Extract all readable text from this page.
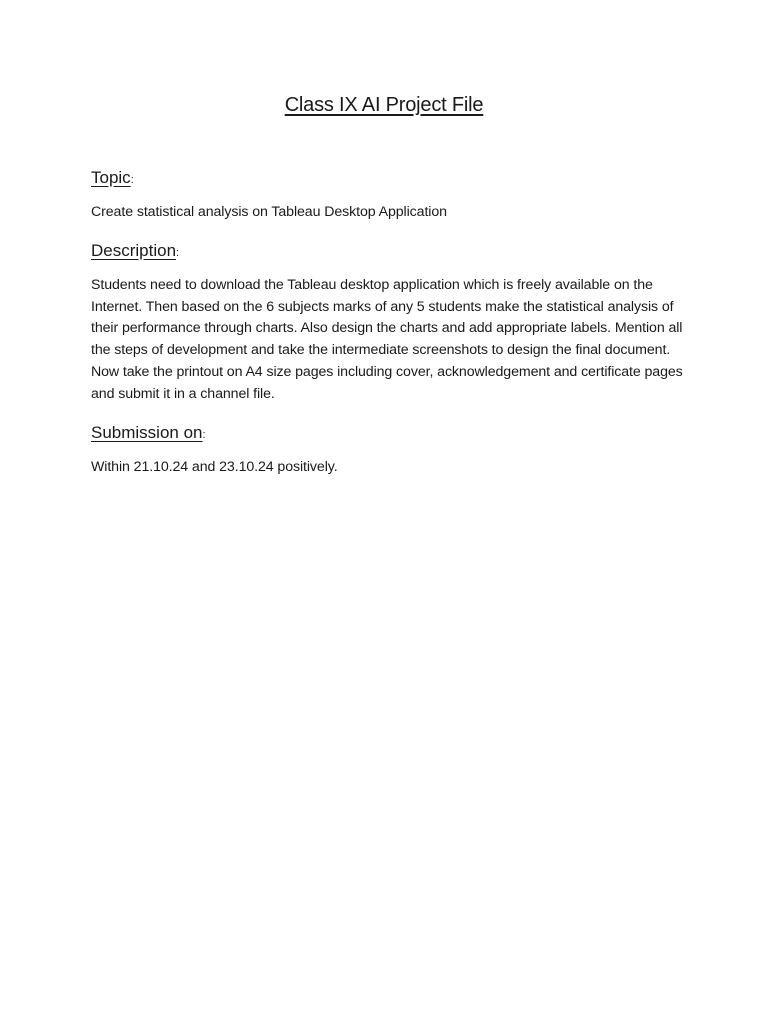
Class IX AI Project File
Topic:

Create statistical analysis on Tableau Desktop Application

Description:

Students need to download the Tableau desktop application which is freely available on the Internet. Then based on the 6 subjects marks of any 5 students make the statistical analysis of their performance through charts. Also design the charts and add appropriate labels. Mention all the steps of development and take the intermediate screenshots to design the final document. Now take the printout on A4 size pages including cover, acknowledgement and certificate pages and submit it in a channel file.

Submission on:

Within 21.10.24 and 23.10.24 positively.
